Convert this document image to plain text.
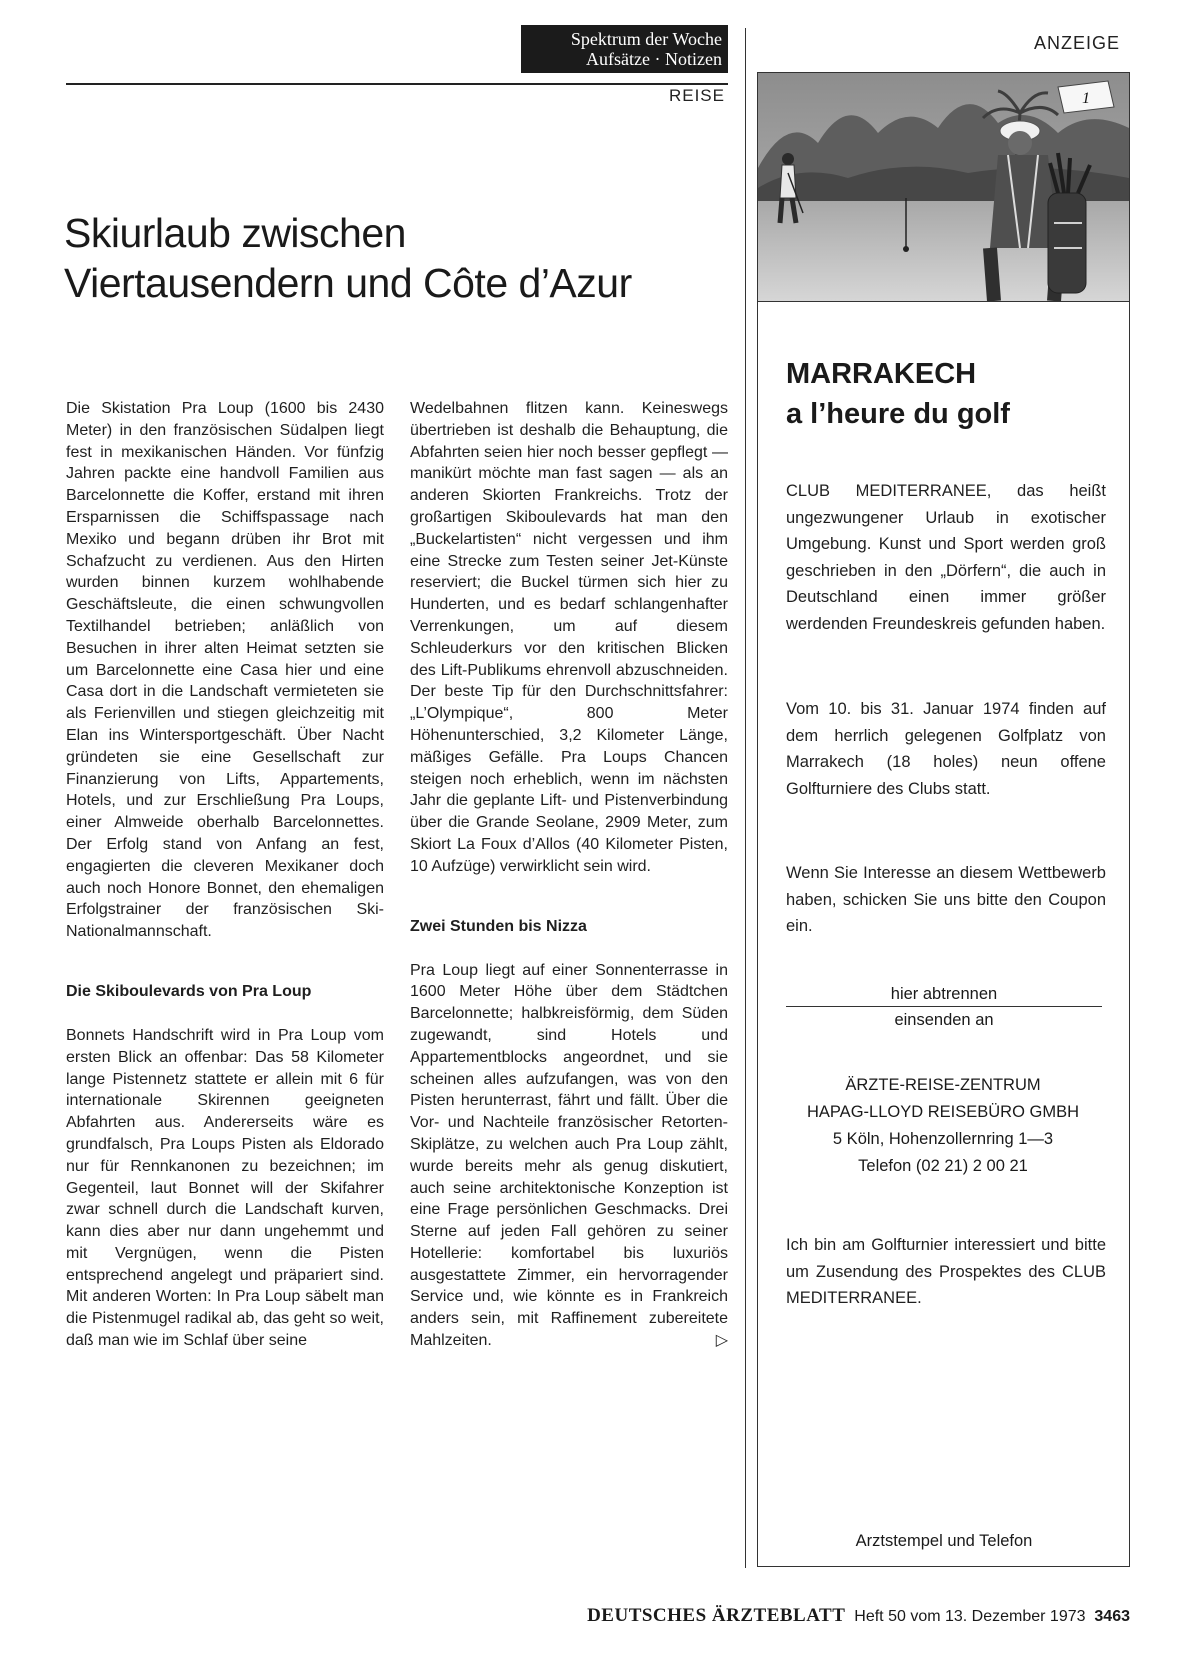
Spektrum der Woche
Aufsätze · Notizen
REISE
Skiurlaub zwischen
Viertausendern und Côte d’Azur

Die Skistation Pra Loup (1600 bis 2430 Meter) in den französischen Südalpen liegt fest in mexikanischen Händen. Vor fünfzig Jahren packte eine handvoll Familien aus Barcelonnette die Koffer, erstand mit ihren Ersparnissen die Schiffspassage nach Mexiko und begann drüben ihr Brot mit Schafzucht zu verdienen. Aus den Hirten wurden binnen kurzem wohlhabende Geschäftsleute, die einen schwungvollen Textilhandel betrieben; anläßlich von Besuchen in ihrer alten Heimat setzten sie um Barcelonnette eine Casa hier und eine Casa dort in die Landschaft vermieteten sie als Ferienvillen und stiegen gleichzeitig mit Elan ins Wintersportgeschäft. Über Nacht gründeten sie eine Gesellschaft zur Finanzierung von Lifts, Appartements, Hotels, und zur Erschließung Pra Loups, einer Almweide oberhalb Barcelonnettes. Der Erfolg stand von Anfang an fest, engagierten die cleveren Mexikaner doch auch noch Honore Bonnet, den ehemaligen Erfolgstrainer der französischen Ski-Nationalmannschaft.

Die Skiboulevards von Pra Loup

Bonnets Handschrift wird in Pra Loup vom ersten Blick an offenbar: Das 58 Kilometer lange Pistennetz stattete er allein mit 6 für internationale Skirennen geeigneten Abfahrten aus. Andererseits wäre es grundfalsch, Pra Loups Pisten als Eldorado nur für Rennkanonen zu bezeichnen; im Gegenteil, laut Bonnet will der Skifahrer zwar schnell durch die Landschaft kurven, kann dies aber nur dann ungehemmt und mit Vergnügen, wenn die Pisten entsprechend angelegt und präpariert sind. Mit anderen Worten: In Pra Loup säbelt man die Pistenmugel radikal ab, das geht so weit, daß man wie im Schlaf über seine

Wedelbahnen flitzen kann. Keineswegs übertrieben ist deshalb die Behauptung, die Abfahrten seien hier noch besser gepflegt — manikürt möchte man fast sagen — als an anderen Skiorten Frankreichs. Trotz der großartigen Skiboulevards hat man den „Buckelartisten“ nicht vergessen und ihm eine Strecke zum Testen seiner Jet-Künste reserviert; die Buckel türmen sich hier zu Hunderten, und es bedarf schlangenhafter Verrenkungen, um auf diesem Schleuderkurs vor den kritischen Blicken des Lift-Publikums ehrenvoll abzuschneiden. Der beste Tip für den Durchschnittsfahrer: „L’Olympique“, 800 Meter Höhenunterschied, 3,2 Kilometer Länge, mäßiges Gefälle. Pra Loups Chancen steigen noch erheblich, wenn im nächsten Jahr die geplante Lift- und Pistenverbindung über die Grande Seolane, 2909 Meter, zum Skiort La Foux d’Allos (40 Kilometer Pisten, 10 Aufzüge) verwirklicht sein wird.

Zwei Stunden bis Nizza

Pra Loup liegt auf einer Sonnenterrasse in 1600 Meter Höhe über dem Städtchen Barcelonnette; halbkreisförmig, dem Süden zugewandt, sind Hotels und Appartementblocks angeordnet, und sie scheinen alles aufzufangen, was von den Pisten herunterrast, fährt und fällt. Über die Vor- und Nachteile französischer Retorten-Skiplätze, zu welchen auch Pra Loup zählt, wurde bereits mehr als genug diskutiert, auch seine architektonische Konzeption ist eine Frage persönlichen Geschmacks. Drei Sterne auf jeden Fall gehören zu seiner Hotellerie: komfortabel bis luxuriös ausgestattete Zimmer, ein hervorragender Service und, wie könnte es in Frankreich anders sein, mit Raffinement zubereitete Mahlzeiten.	▷

ANZEIGE
1
MARRAKECH
a l’heure du golf

CLUB MEDITERRANEE, das heißt ungezwungener Urlaub in exotischer Umgebung. Kunst und Sport werden groß geschrieben in den „Dörfern“, die auch in Deutschland einen immer größer werdenden Freundeskreis gefunden haben.

Vom 10. bis 31. Januar 1974 finden auf dem herrlich gelegenen Golfplatz von Marrakech (18 holes) neun offene Golfturniere des Clubs statt.

Wenn Sie Interesse an diesem Wettbewerb haben, schicken Sie uns bitte den Coupon ein.

hier abtrennen
einsenden an
ÄRZTE-REISE-ZENTRUM
HAPAG-LLOYD REISEBÜRO GMBH
5 Köln, Hohenzollernring 1—3
Telefon (02 21) 2 00 21

Ich bin am Golfturnier interessiert und bitte um Zusendung des Prospektes des CLUB MEDITERRANEE.

Arztstempel und Telefon
DEUTSCHES ÄRZTEBLATT Heft 50 vom 13. Dezember 1973 3463
